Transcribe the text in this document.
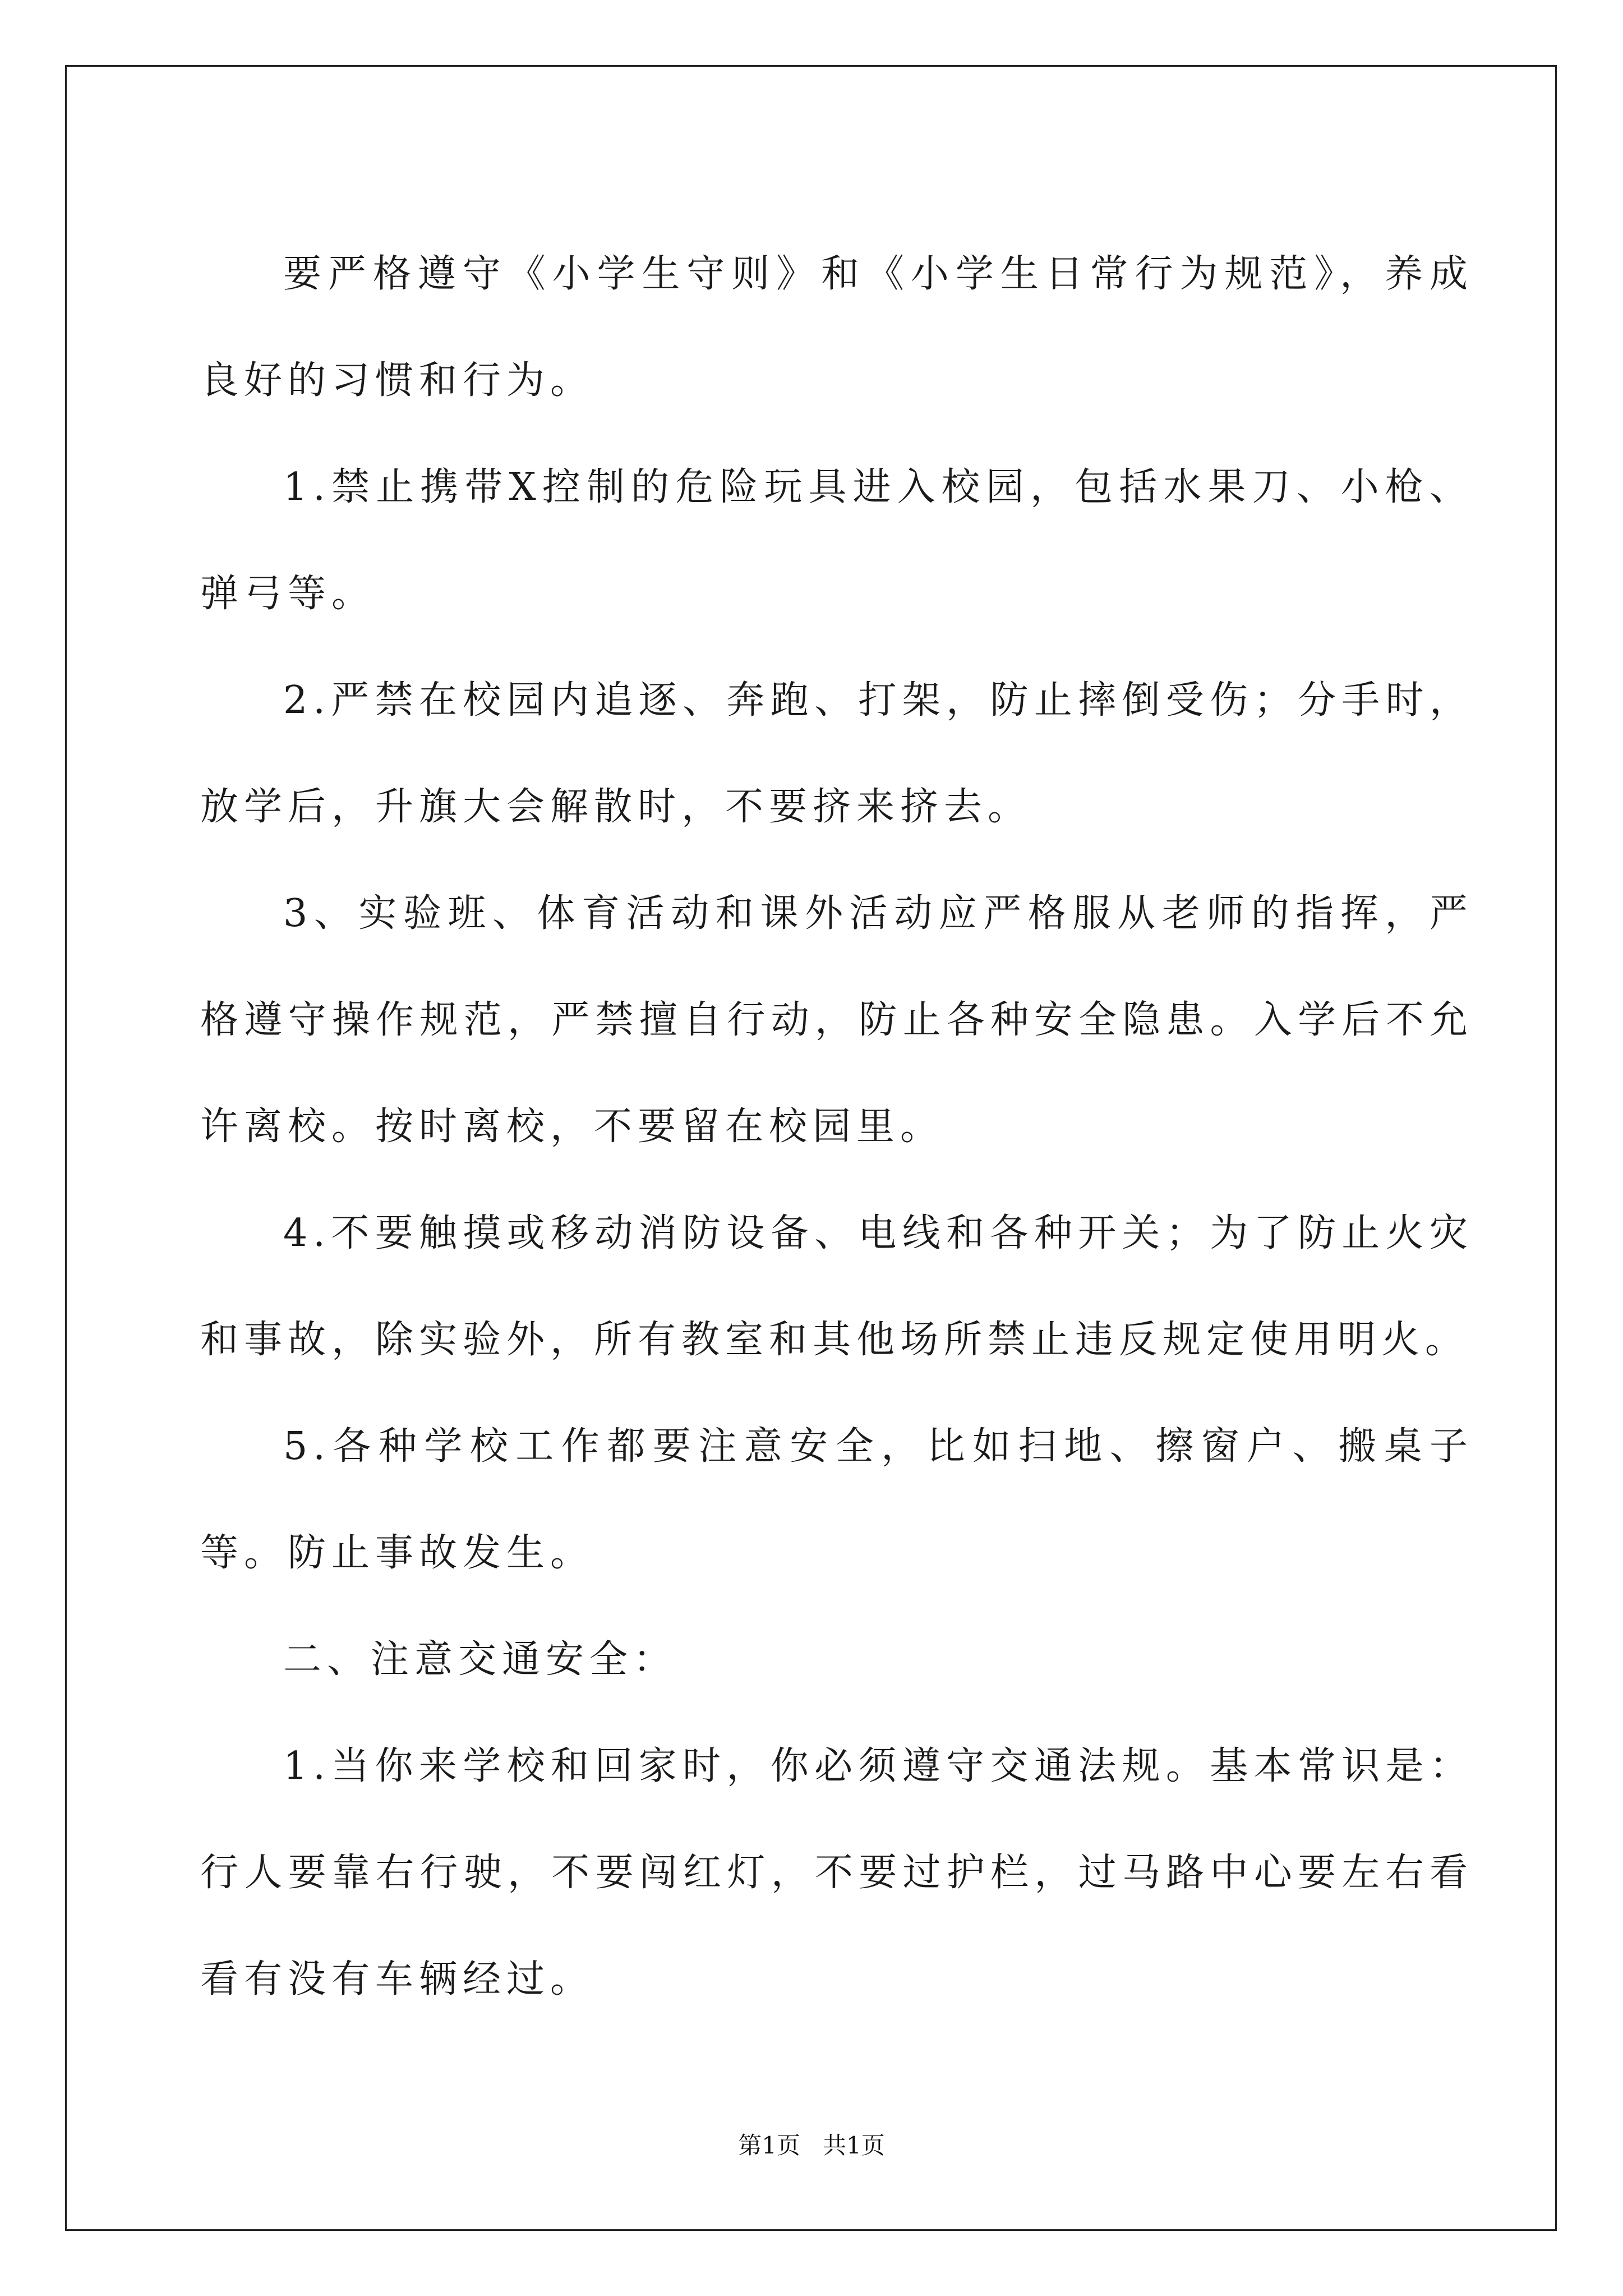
要严格遵守《小学生守则》和《小学生日常行为规范》，养成良好的习惯和行为。

1.禁止携带X控制的危险玩具进入校园，包括水果刀、小枪、弹弓等。

2.严禁在校园内追逐、奔跑、打架，防止摔倒受伤；分手时，放学后，升旗大会解散时，不要挤来挤去。

3、实验班、体育活动和课外活动应严格服从老师的指挥，严格遵守操作规范，严禁擅自行动，防止各种安全隐患。入学后不允许离校。按时离校，不要留在校园里。

4.不要触摸或移动消防设备、电线和各种开关；为了防止火灾和事故，除实验外，所有教室和其他场所禁止违反规定使用明火。

5.各种学校工作都要注意安全，比如扫地、擦窗户、搬桌子等。防止事故发生。

二、注意交通安全：

1.当你来学校和回家时，你必须遵守交通法规。基本常识是：行人要靠右行驶，不要闯红灯，不要过护栏，过马路中心要左右看看有没有车辆经过。

第1页 共1页
